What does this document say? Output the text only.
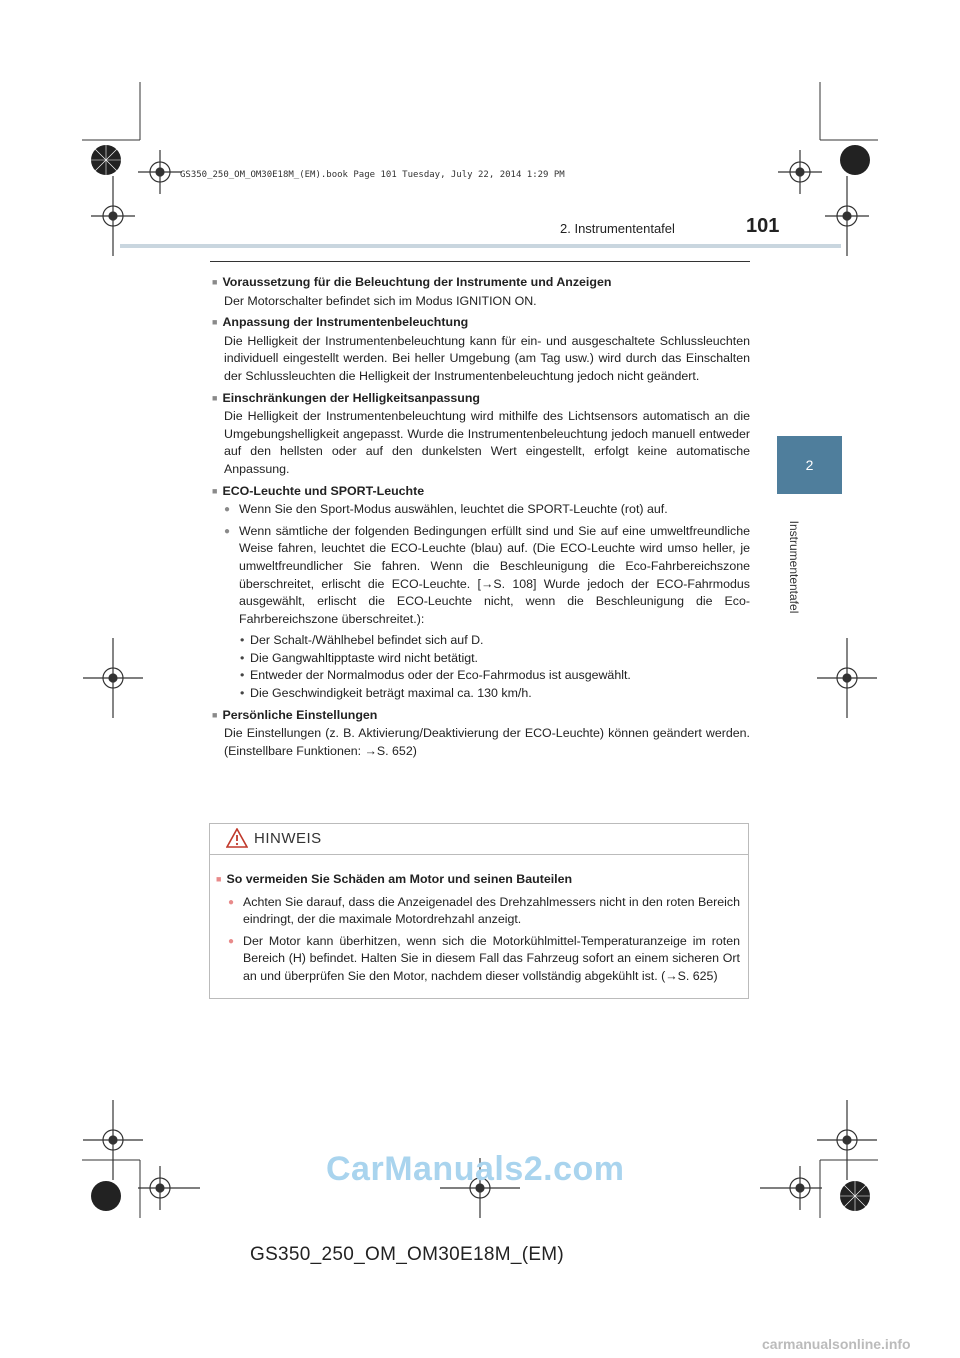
GS350_250_OM_OM30E18M_(EM).book Page 101 Tuesday, July 22, 2014 1:29 PM
2. Instrumententafel	101
2
Instrumententafel

■ Voraussetzung für die Beleuchtung der Instrumente und Anzeigen

Der Motorschalter befindet sich im Modus IGNITION ON.

■ Anpassung der Instrumentenbeleuchtung

Die Helligkeit der Instrumentenbeleuchtung kann für ein- und ausgeschaltete Schlussleuchten individuell eingestellt werden. Bei heller Umgebung (am Tag usw.) wird durch das Einschalten der Schlussleuchten die Helligkeit der Instrumentenbeleuchtung jedoch nicht geändert.

■ Einschränkungen der Helligkeitsanpassung

Die Helligkeit der Instrumentenbeleuchtung wird mithilfe des Lichtsensors automatisch an die Umgebungshelligkeit angepasst. Wurde die Instrumentenbeleuchtung jedoch manuell entweder auf den hellsten oder auf den dunkelsten Wert eingestellt, erfolgt keine automatische Anpassung.

■ ECO-Leuchte und SPORT-Leuchte

● Wenn Sie den Sport-Modus auswählen, leuchtet die SPORT-Leuchte (rot) auf.

● Wenn sämtliche der folgenden Bedingungen erfüllt sind und Sie auf eine umweltfreundliche Weise fahren, leuchtet die ECO-Leuchte (blau) auf. (Die ECO-Leuchte wird umso heller, je umweltfreundlicher Sie fahren. Wenn die Beschleunigung die Eco-Fahrbereichszone überschreitet, erlischt die ECO-Leuchte. [→S. 108] Wurde jedoch der ECO-Fahrmodus ausgewählt, erlischt die ECO-Leuchte nicht, wenn die Beschleunigung die Eco-Fahrbereichszone überschreitet.):

• Der Schalt-/Wählhebel befindet sich auf D.

• Die Gangwahltipptaste wird nicht betätigt.

• Entweder der Normalmodus oder der Eco-Fahrmodus ist ausgewählt.

• Die Geschwindigkeit beträgt maximal ca. 130 km/h.

■ Persönliche Einstellungen

Die Einstellungen (z. B. Aktivierung/Deaktivierung der ECO-Leuchte) können geändert werden. (Einstellbare Funktionen: →S. 652)

HINWEIS

■ So vermeiden Sie Schäden am Motor und seinen Bauteilen

● Achten Sie darauf, dass die Anzeigenadel des Drehzahlmessers nicht in den roten Bereich eindringt, der die maximale Motordrehzahl anzeigt.

● Der Motor kann überhitzen, wenn sich die Motorkühlmittel-Temperaturanzeige im roten Bereich (H) befindet. Halten Sie in diesem Fall das Fahrzeug sofort an einem sicheren Ort an und überprüfen Sie den Motor, nachdem dieser vollständig abgekühlt ist. (→S. 625)

CarManuals2.com
GS350_250_OM_OM30E18M_(EM)
carmanualsonline.info
